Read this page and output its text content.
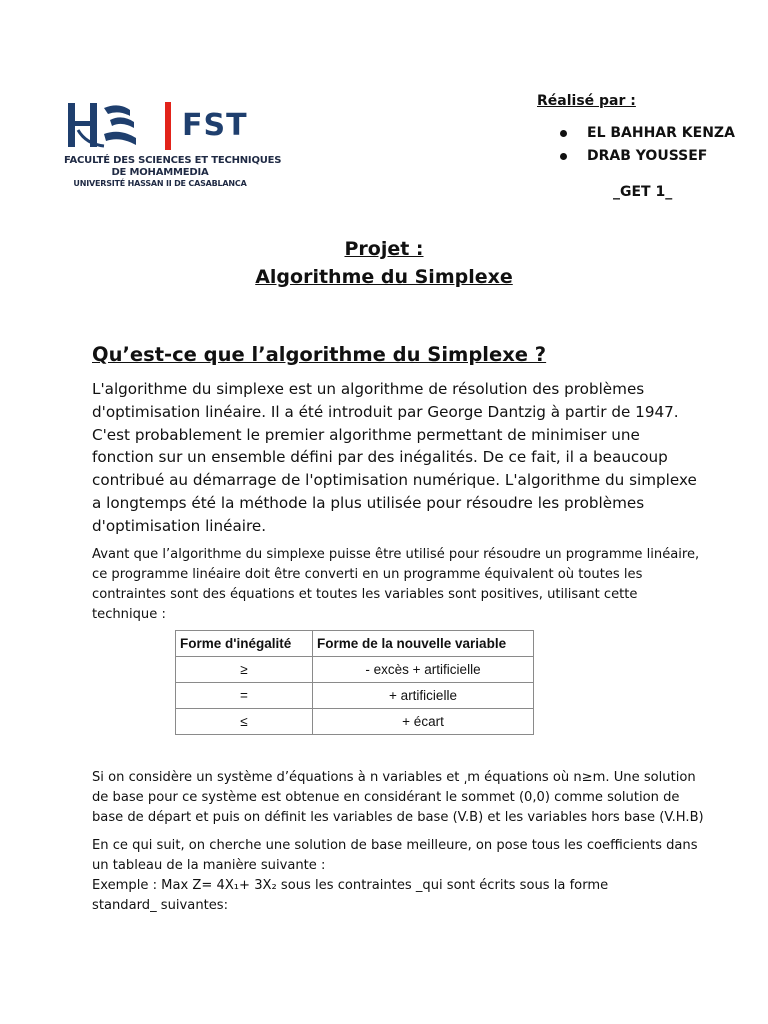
FST
FACULTÉ DES SCIENCES ET TECHNIQUES
DE MOHAMMEDIA
UNIVERSITÉ HASSAN II DE CASABLANCA
Réalisé par :
EL BAHHAR KENZA
DRAB YOUSSEF
_GET 1_
Projet :
Algorithme du Simplexe
Qu’est-ce que l’algorithme du Simplexe ?
L'algorithme du simplexe est un algorithme de résolution des problèmes
d'optimisation linéaire. Il a été introduit par George Dantzig à partir de 1947.
C'est probablement le premier algorithme permettant de minimiser une
fonction sur un ensemble défini par des inégalités. De ce fait, il a beaucoup
contribué au démarrage de l'optimisation numérique. L'algorithme du simplexe
a longtemps été la méthode la plus utilisée pour résoudre les problèmes
d'optimisation linéaire.
Avant que l’algorithme du simplexe puisse être utilisé pour résoudre un programme linéaire,
ce programme linéaire doit être converti en un programme équivalent où toutes les
contraintes sont des équations et toutes les variables sont positives, utilisant cette
technique :
Forme d'inégalité	Forme de la nouvelle variable
≥	- excès + artificielle
=	+ artificielle
≤	+ écart
Si on considère un système d’équations à n variables et ͵m équations où n≥m. Une solution
de base pour ce système est obtenue en considérant le sommet (0,0) comme solution de
base de départ et puis on définit les variables de base (V.B) et les variables hors base (V.H.B)
En ce qui suit, on cherche une solution de base meilleure, on pose tous les coefficients dans
un tableau de la manière suivante :
Exemple : Max Z= 4X₁+ 3X₂ sous les contraintes _qui sont écrits sous la forme
standard_ suivantes:
